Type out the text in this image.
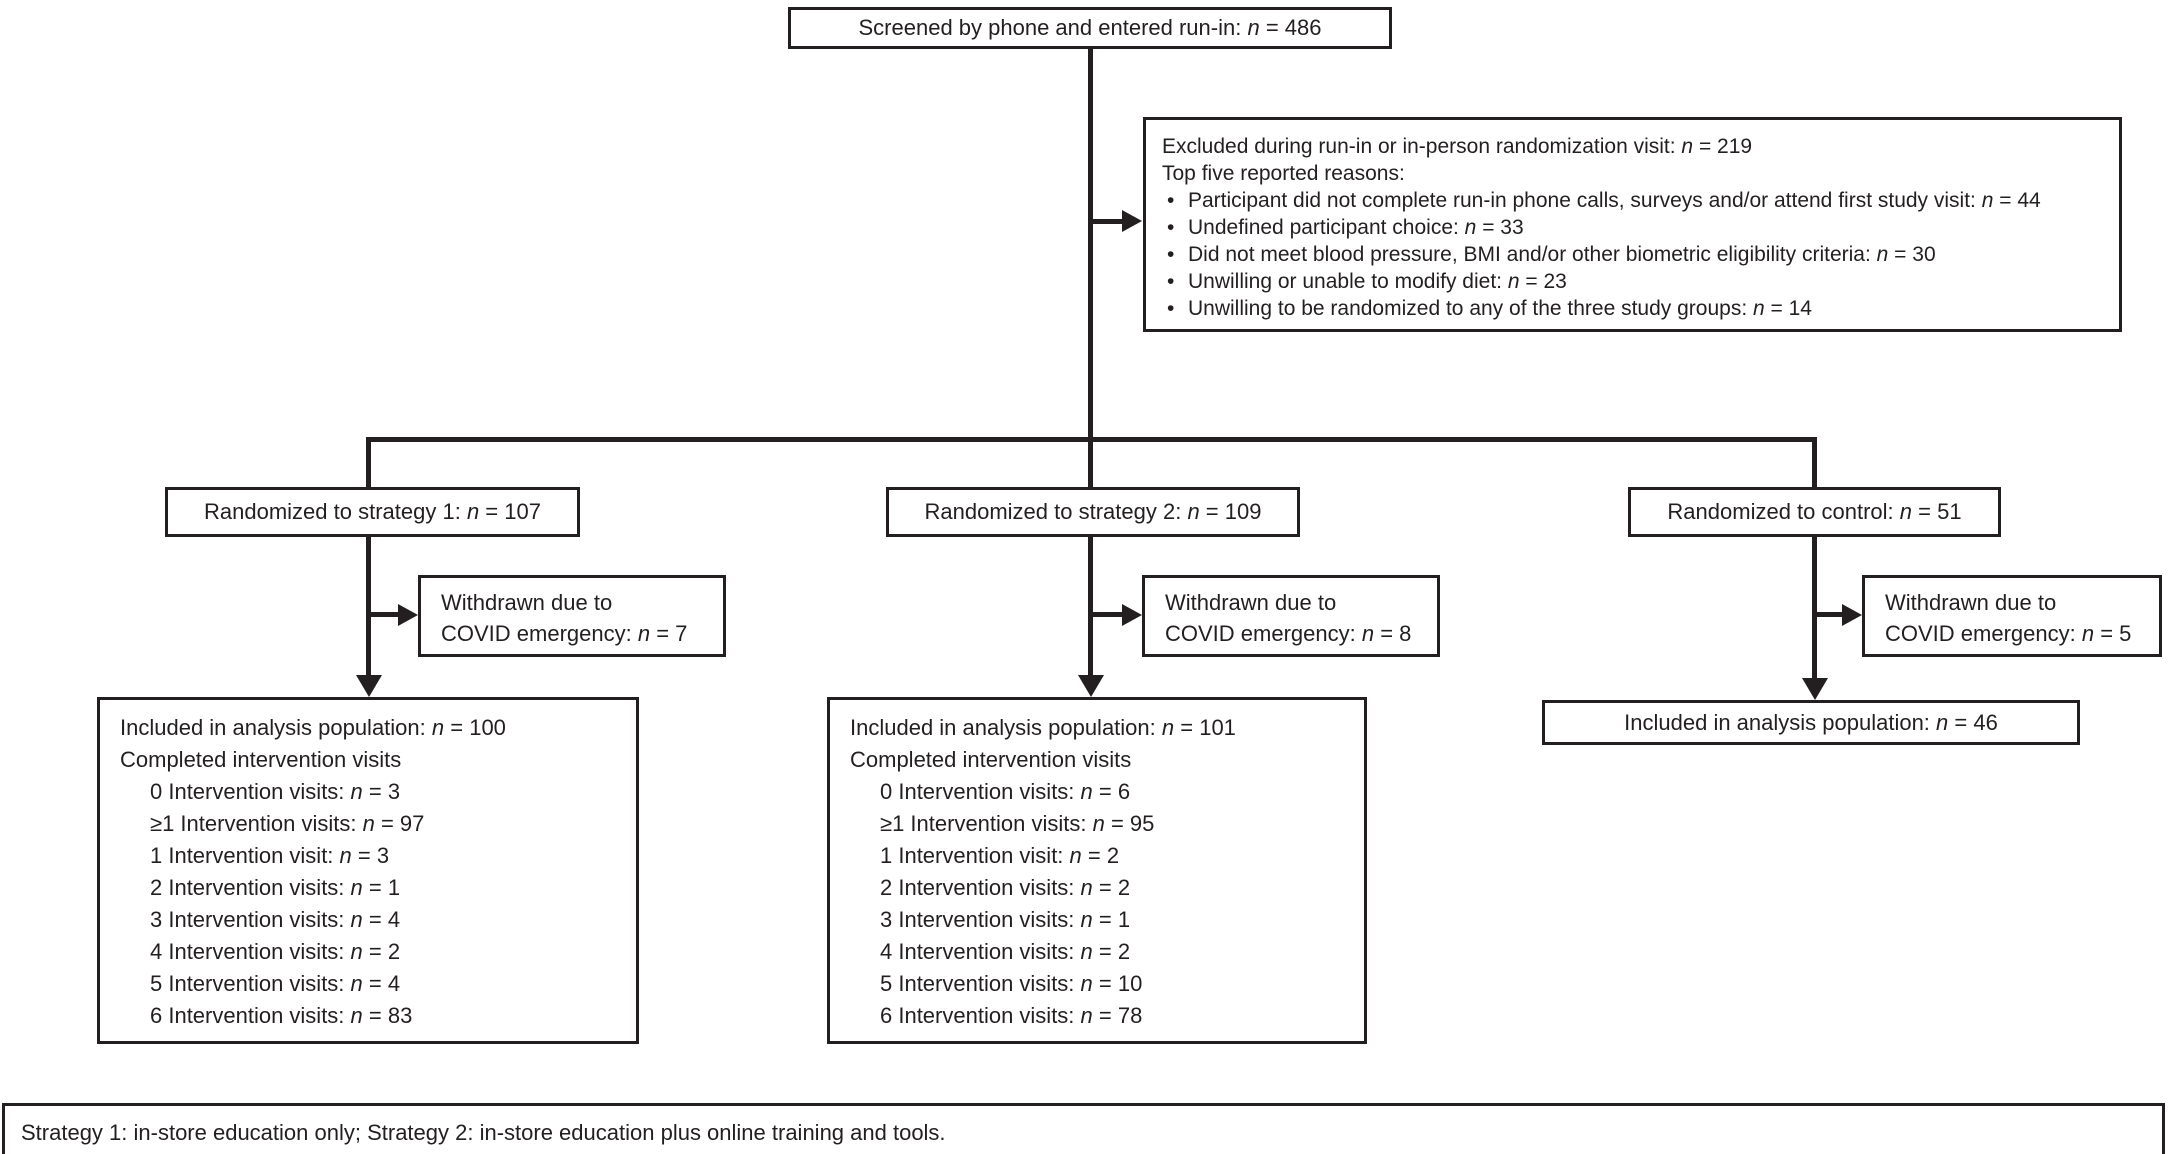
Screened by phone and entered run-in: n = 486
Excluded during run-in or in-person randomization visit: n = 219
Top five reported reasons:
• Participant did not complete run-in phone calls, surveys and/or attend first study visit: n = 44
• Undefined participant choice: n = 33
• Did not meet blood pressure, BMI and/or other biometric eligibility criteria: n = 30
• Unwilling or unable to modify diet: n = 23
• Unwilling to be randomized to any of the three study groups: n = 14
Randomized to strategy 1: n = 107	Randomized to strategy 2: n = 109	Randomized to control: n = 51
Withdrawn due to
COVID emergency: n = 7
Withdrawn due to
COVID emergency: n = 8
Withdrawn due to
COVID emergency: n = 5
Included in analysis population: n = 100
Completed intervention visits
0 Intervention visits: n = 3
≥1 Intervention visits: n = 97
1 Intervention visit: n = 3
2 Intervention visits: n = 1
3 Intervention visits: n = 4
4 Intervention visits: n = 2
5 Intervention visits: n = 4
6 Intervention visits: n = 83
Included in analysis population: n = 101
Completed intervention visits
0 Intervention visits: n = 6
≥1 Intervention visits: n = 95
1 Intervention visit: n = 2
2 Intervention visits: n = 2
3 Intervention visits: n = 1
4 Intervention visits: n = 2
5 Intervention visits: n = 10
6 Intervention visits: n = 78
Included in analysis population: n = 46
Strategy 1: in-store education only; Strategy 2: in-store education plus online training and tools.
